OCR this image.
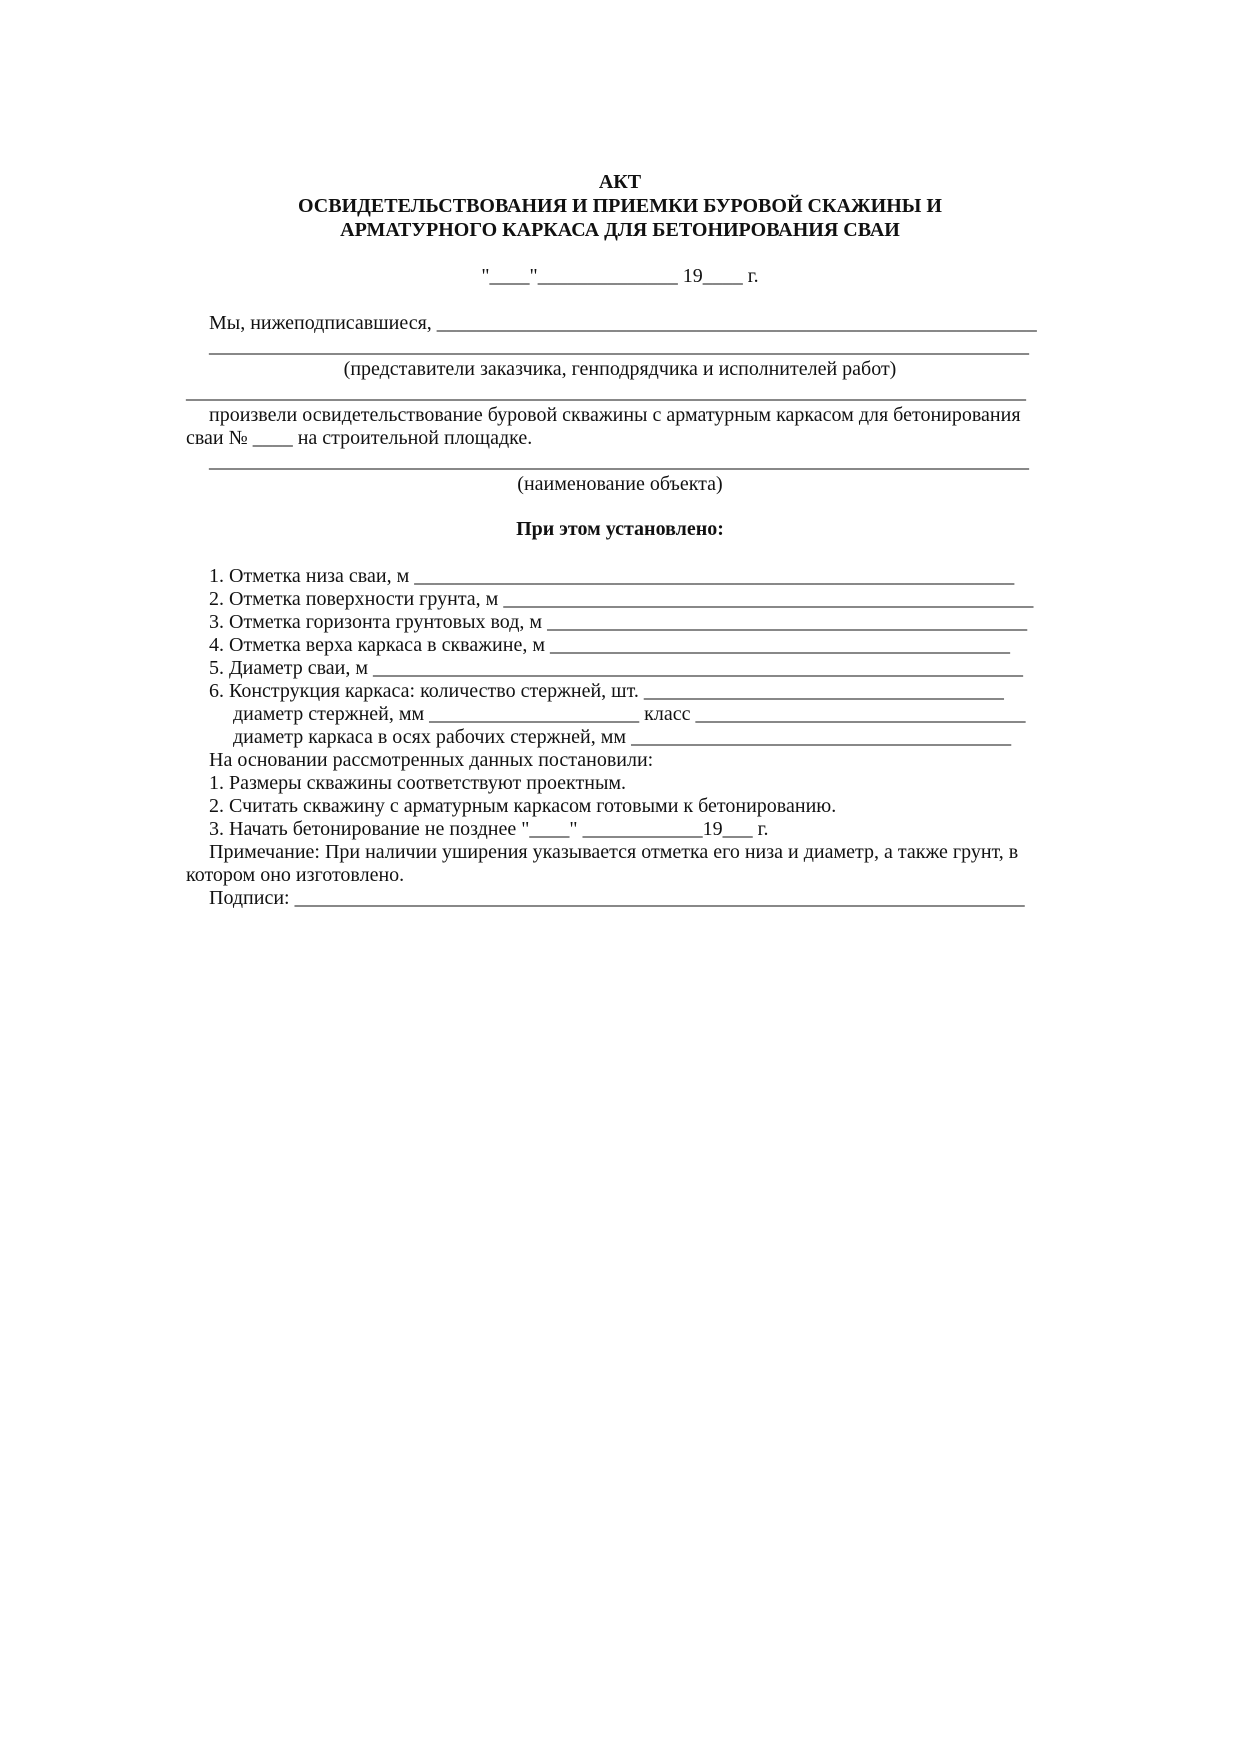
АКТ
ОСВИДЕТЕЛЬСТВОВАНИЯ И ПРИЕМКИ БУРОВОЙ СКАЖИНЫ И
АРМАТУРНОГО КАРКАСА ДЛЯ БЕТОНИРОВАНИЯ СВАИ
"____"______________ 19____ г.
Мы, нижеподписавшиеся, ____________________________________________________________
__________________________________________________________________________________
(представители заказчика, генподрядчика и исполнителей работ)
____________________________________________________________________________________
произвели освидетельствование буровой скважины с арматурным каркасом для бетонирования
сваи № ____ на строительной площадке.
__________________________________________________________________________________
(наименование объекта)
При этом установлено:
1. Отметка низа сваи, м ____________________________________________________________
2. Отметка поверхности грунта, м _____________________________________________________
3. Отметка горизонта грунтовых вод, м ________________________________________________
4. Отметка верха каркаса в скважине, м ______________________________________________
5. Диаметр сваи, м _________________________________________________________________
6. Конструкция каркаса: количество стержней, шт. ____________________________________
диаметр стержней, мм _____________________ класс _________________________________
диаметр каркаса в осях рабочих стержней, мм ______________________________________
На основании рассмотренных данных постановили:
1. Размеры скважины соответствуют проектным.
2. Считать скважину с арматурным каркасом готовыми к бетонированию.
3. Начать бетонирование не позднее "____" ____________19___ г.
Примечание: При наличии уширения указывается отметка его низа и диаметр, а также грунт, в
котором оно изготовлено.
Подписи: _________________________________________________________________________
